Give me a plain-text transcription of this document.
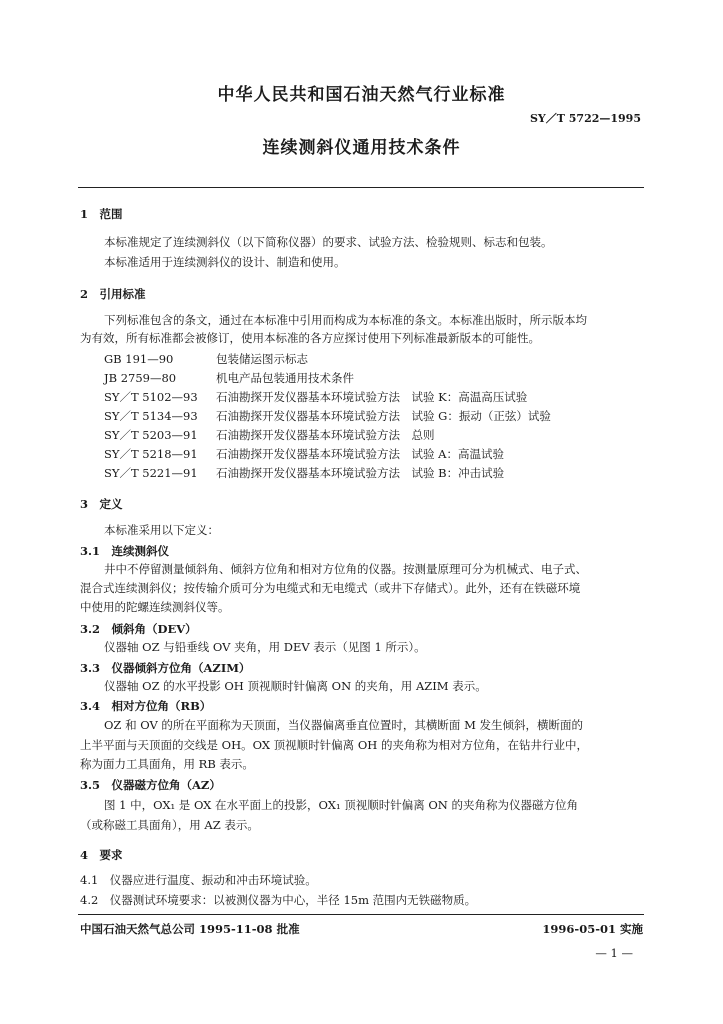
中华人民共和国石油天然气行业标准
SY／T 5722—1995
连续测斜仪通用技术条件
1　范围
本标准规定了连续测斜仪（以下简称仪器）的要求、试验方法、检验规则、标志和包装。
本标准适用于连续测斜仪的设计、制造和使用。
2　引用标准
下列标准包含的条文，通过在本标准中引用而构成为本标准的条文。本标准出版时，所示版本均
为有效，所有标准都会被修订，使用本标准的各方应探讨使用下列标准最新版本的可能性。
GB 191—90	包装储运图示标志
JB 2759—80	机电产品包装通用技术条件
SY／T 5102—93 石油勘探开发仪器基本环境试验方法　试验 K：高温高压试验
SY／T 5134—93 石油勘探开发仪器基本环境试验方法　试验 G：振动（正弦）试验
SY／T 5203—91 石油勘探开发仪器基本环境试验方法　总则
SY／T 5218—91 石油勘探开发仪器基本环境试验方法　试验 A：高温试验
SY／T 5221—91 石油勘探开发仪器基本环境试验方法　试验 B：冲击试验
3　定义
本标准采用以下定义：
3.1　连续测斜仪
井中不停留测量倾斜角、倾斜方位角和相对方位角的仪器。按测量原理可分为机械式、电子式、
混合式连续测斜仪；按传输介质可分为电缆式和无电缆式（或井下存储式）。此外，还有在铁磁环境
中使用的陀螺连续测斜仪等。
3.2　倾斜角（DEV）
仪器轴 OZ 与铅垂线 OV 夹角，用 DEV 表示（见图 1 所示）。
3.3　仪器倾斜方位角（AZIM）
仪器轴 OZ 的水平投影 OH 顶视顺时针偏离 ON 的夹角，用 AZIM 表示。
3.4　相对方位角（RB）
OZ 和 OV 的所在平面称为天顶面，当仪器偏离垂直位置时，其横断面 M 发生倾斜，横断面的
上半平面与天顶面的交线是 OH。OX 顶视顺时针偏离 OH 的夹角称为相对方位角，在钻井行业中，
称为面力工具面角，用 RB 表示。
3.5　仪器磁方位角（AZ）
图 1 中，OX₁ 是 OX 在水平面上的投影，OX₁ 顶视顺时针偏离 ON 的夹角称为仪器磁方位角
（或称磁工具面角），用 AZ 表示。
4　要求
4.1　仪器应进行温度、振动和冲击环境试验。
4.2　仪器测试环境要求：以被测仪器为中心，半径 15m 范围内无铁磁物质。
中国石油天然气总公司 1995-11-08 批准	1996-05-01 实施
— 1 —
